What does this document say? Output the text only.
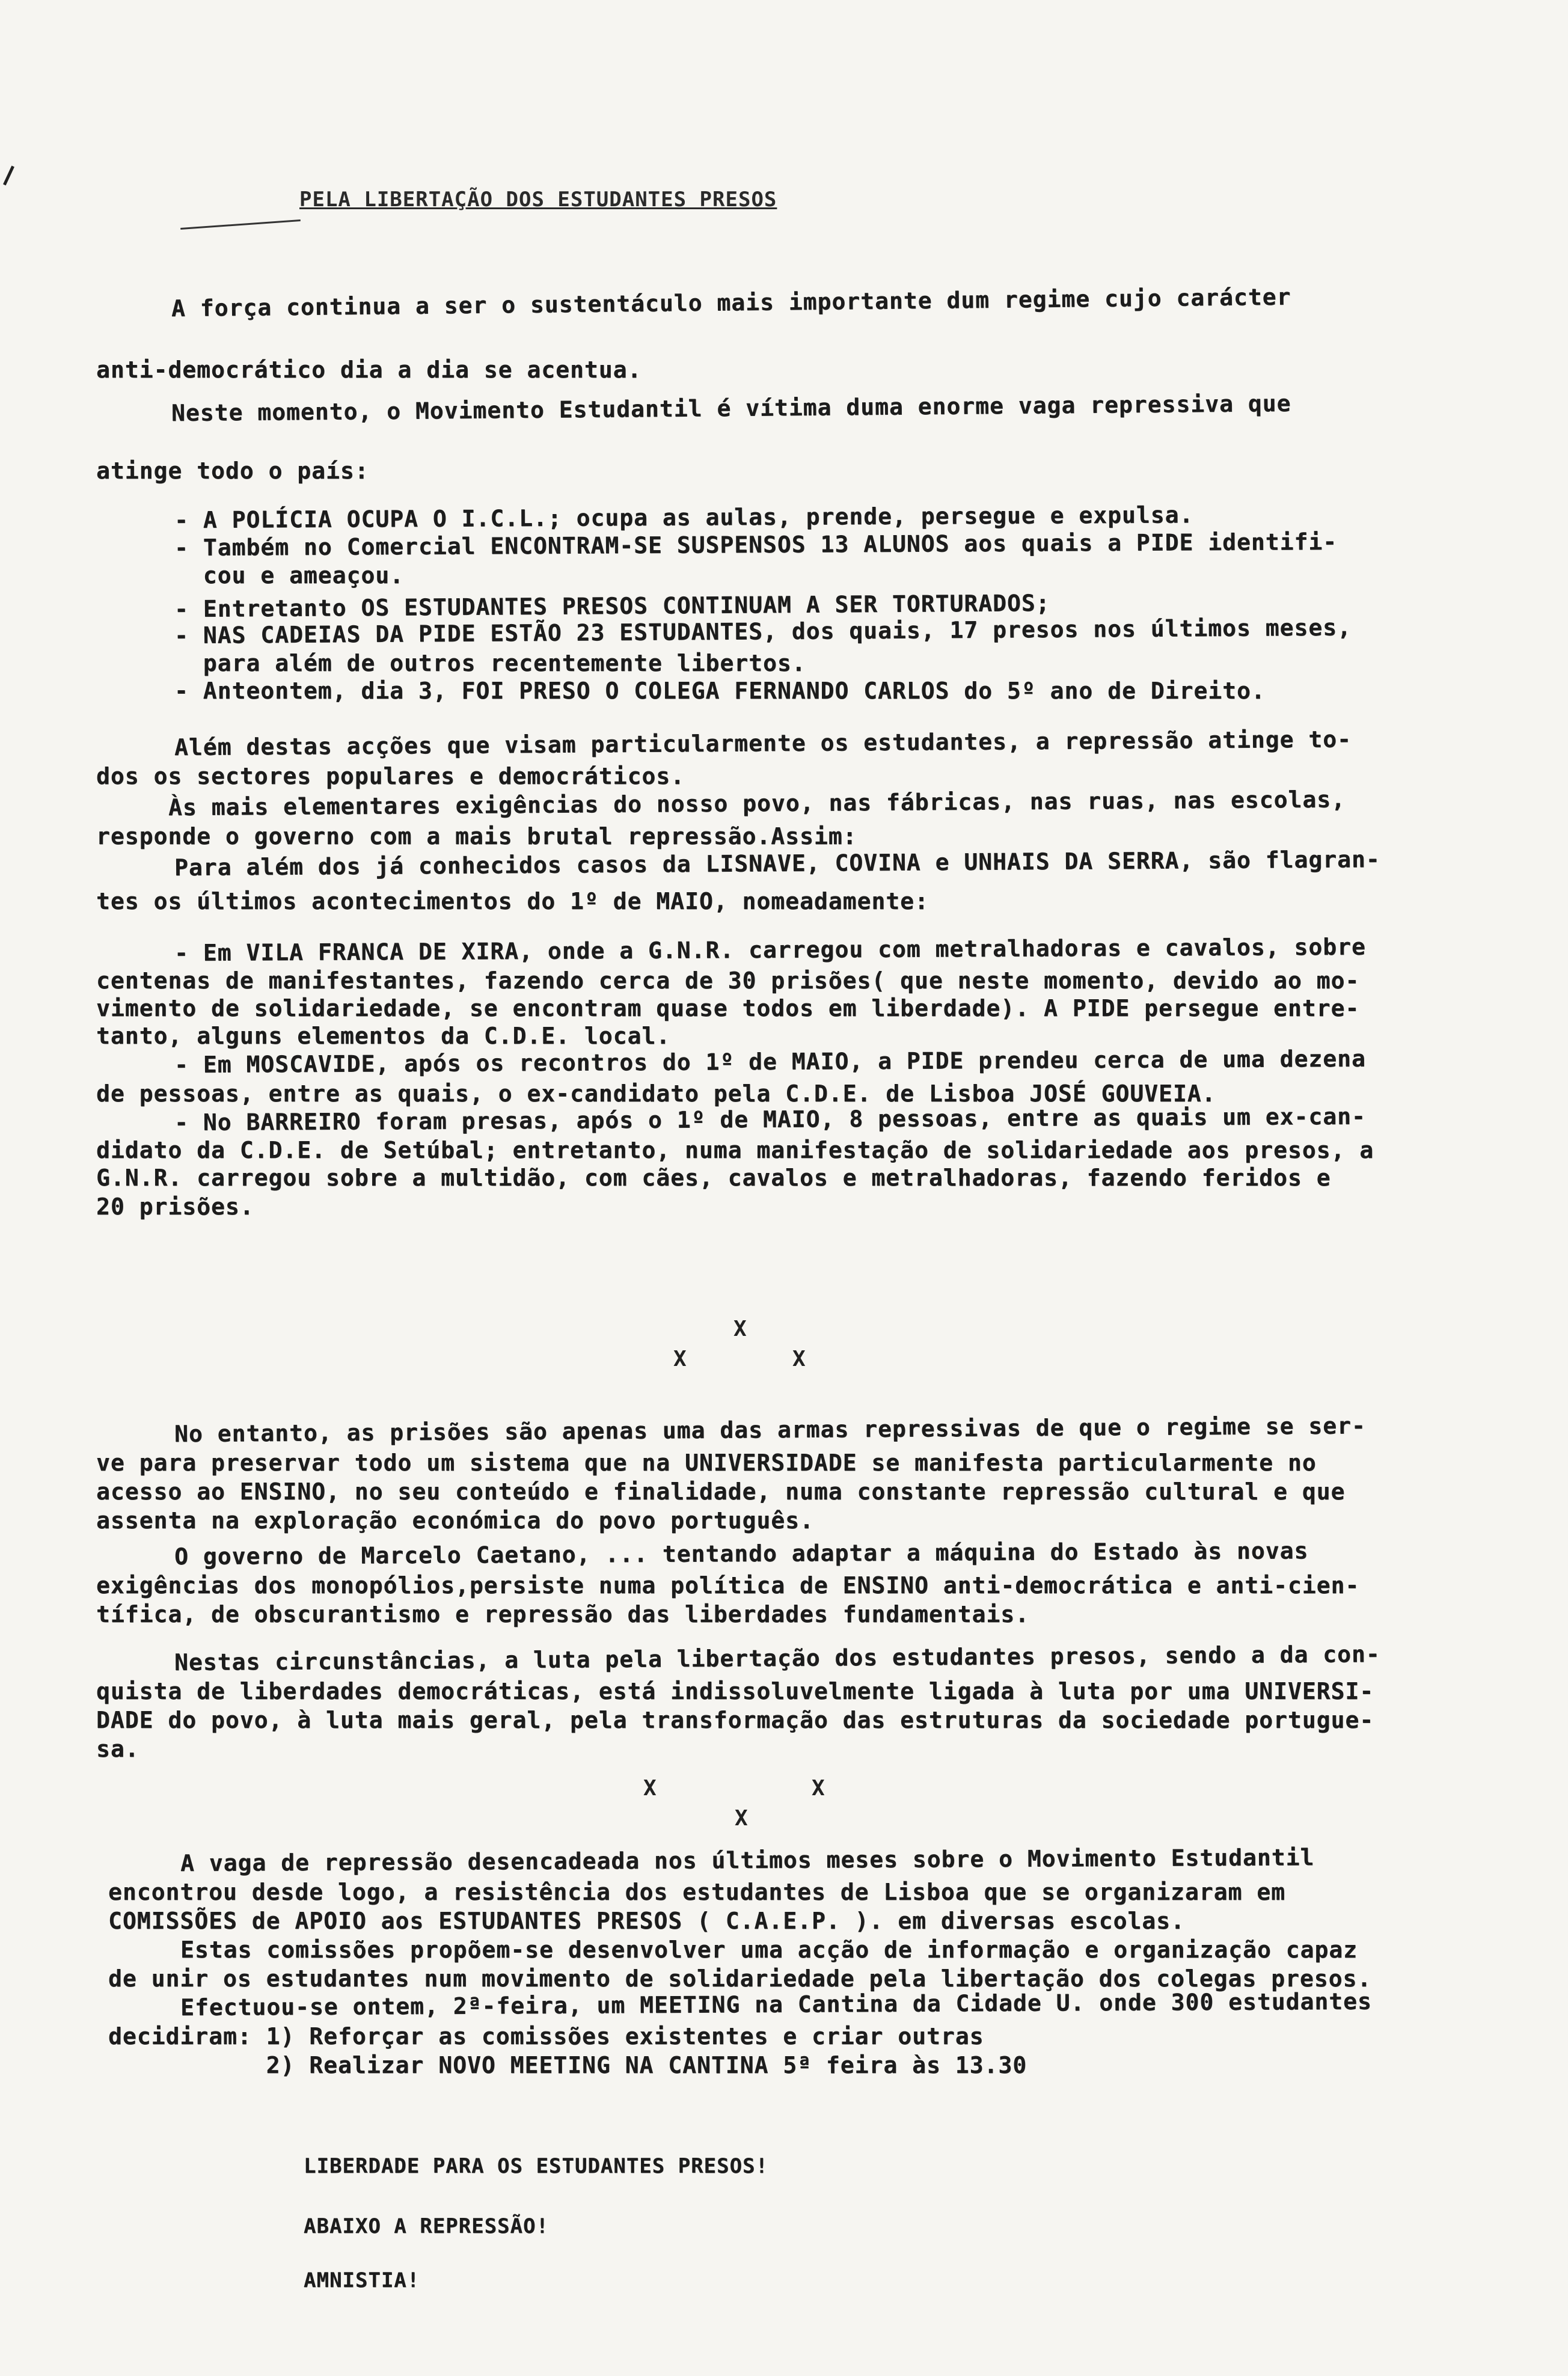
PELA LIBERTAÇÃO DOS ESTUDANTES PRESOS
A força continua a ser o sustentáculo mais importante dum regime cujo carácter
anti-democrático dia a dia se acentua.
Neste momento, o Movimento Estudantil é vítima duma enorme vaga repressiva que
atinge todo o país:
- A POLÍCIA OCUPA O I.C.L.; ocupa as aulas, prende, persegue e expulsa.
- Também no Comercial ENCONTRAM-SE SUSPENSOS 13 ALUNOS aos quais a PIDE identifi-
cou e ameaçou.
- Entretanto OS ESTUDANTES PRESOS CONTINUAM A SER TORTURADOS;
- NAS CADEIAS DA PIDE ESTÃO 23 ESTUDANTES, dos quais, 17 presos nos últimos meses,
para além de outros recentemente libertos.
- Anteontem, dia 3, FOI PRESO O COLEGA FERNANDO CARLOS do 5º ano de Direito.
Além destas acções que visam particularmente os estudantes, a repressão atinge to-
dos os sectores populares e democráticos.
Às mais elementares exigências do nosso povo, nas fábricas, nas ruas, nas escolas,
responde o governo com a mais brutal repressão.Assim:
Para além dos já conhecidos casos da LISNAVE, COVINA e UNHAIS DA SERRA, são flagran-
tes os últimos acontecimentos do 1º de MAIO, nomeadamente:
- Em VILA FRANCA DE XIRA, onde a G.N.R. carregou com metralhadoras e cavalos, sobre
centenas de manifestantes, fazendo cerca de 30 prisões( que neste momento, devido ao mo-
vimento de solidariedade, se encontram quase todos em liberdade). A PIDE persegue entre-
tanto, alguns elementos da C.D.E. local.
- Em MOSCAVIDE, após os recontros do 1º de MAIO, a PIDE prendeu cerca de uma dezena
de pessoas, entre as quais, o ex-candidato pela C.D.E. de Lisboa JOSÉ GOUVEIA.
- No BARREIRO foram presas, após o 1º de MAIO, 8 pessoas, entre as quais um ex-can-
didato da C.D.E. de Setúbal; entretanto, numa manifestação de solidariedade aos presos, a
G.N.R. carregou sobre a multidão, com cães, cavalos e metralhadoras, fazendo feridos e
20 prisões.
X
X	X
No entanto, as prisões são apenas uma das armas repressivas de que o regime se ser-
ve para preservar todo um sistema que na UNIVERSIDADE se manifesta particularmente no
acesso ao ENSINO, no seu conteúdo e finalidade, numa constante repressão cultural e que
assenta na exploração económica do povo português.
O governo de Marcelo Caetano, ... tentando adaptar a máquina do Estado às novas
exigências dos monopólios,persiste numa política de ENSINO anti-democrática e anti-cien-
tífica, de obscurantismo e repressão das liberdades fundamentais.
Nestas circunstâncias, a luta pela libertação dos estudantes presos, sendo a da con-
quista de liberdades democráticas, está indissoluvelmente ligada à luta por uma UNIVERSI-
DADE do povo, à luta mais geral, pela transformação das estruturas da sociedade portugue-
sa.
X	X
X
A vaga de repressão desencadeada nos últimos meses sobre o Movimento Estudantil
encontrou desde logo, a resistência dos estudantes de Lisboa que se organizaram em
COMISSÕES de APOIO aos ESTUDANTES PRESOS ( C.A.E.P. ). em diversas escolas.
Estas comissões propõem-se desenvolver uma acção de informação e organização capaz
de unir os estudantes num movimento de solidariedade pela libertação dos colegas presos.
Efectuou-se ontem, 2ª-feira, um MEETING na Cantina da Cidade U. onde 300 estudantes
decidiram: 1) Reforçar as comissões existentes e criar outras
2) Realizar NOVO MEETING NA CANTINA 5ª feira às 13.30
LIBERDADE PARA OS ESTUDANTES PRESOS!
ABAIXO A REPRESSÃO!
AMNISTIA!
